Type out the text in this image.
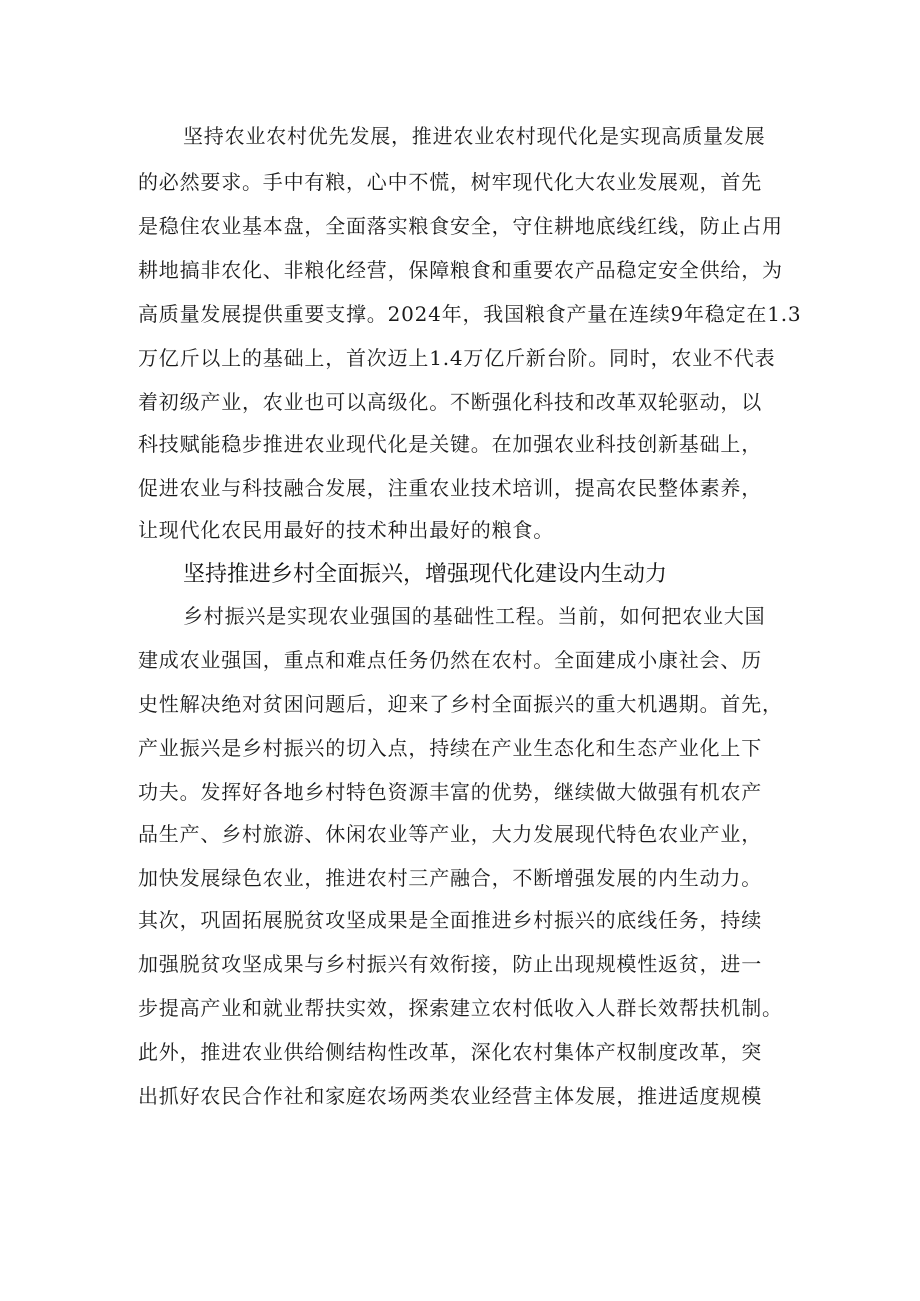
坚持农业农村优先发展，推进农业农村现代化是实现高质量发展
的必然要求。手中有粮，心中不慌，树牢现代化大农业发展观，首先
是稳住农业基本盘，全面落实粮食安全，守住耕地底线红线，防止占用
耕地搞非农化、非粮化经营，保障粮食和重要农产品稳定安全供给，为
高质量发展提供重要支撑。2024年，我国粮食产量在连续9年稳定在1.3
万亿斤以上的基础上，首次迈上1.4万亿斤新台阶。同时，农业不代表
着初级产业，农业也可以高级化。不断强化科技和改革双轮驱动，以
科技赋能稳步推进农业现代化是关键。在加强农业科技创新基础上，
促进农业与科技融合发展，注重农业技术培训，提高农民整体素养，
让现代化农民用最好的技术种出最好的粮食。
坚持推进乡村全面振兴，增强现代化建设内生动力
乡村振兴是实现农业强国的基础性工程。当前，如何把农业大国
建成农业强国，重点和难点任务仍然在农村。全面建成小康社会、历
史性解决绝对贫困问题后，迎来了乡村全面振兴的重大机遇期。首先，
产业振兴是乡村振兴的切入点，持续在产业生态化和生态产业化上下
功夫。发挥好各地乡村特色资源丰富的优势，继续做大做强有机农产
品生产、乡村旅游、休闲农业等产业，大力发展现代特色农业产业，
加快发展绿色农业，推进农村三产融合，不断增强发展的内生动力。
其次，巩固拓展脱贫攻坚成果是全面推进乡村振兴的底线任务，持续
加强脱贫攻坚成果与乡村振兴有效衔接，防止出现规模性返贫，进一
步提高产业和就业帮扶实效，探索建立农村低收入人群长效帮扶机制。
此外，推进农业供给侧结构性改革，深化农村集体产权制度改革，突
出抓好农民合作社和家庭农场两类农业经营主体发展，推进适度规模
